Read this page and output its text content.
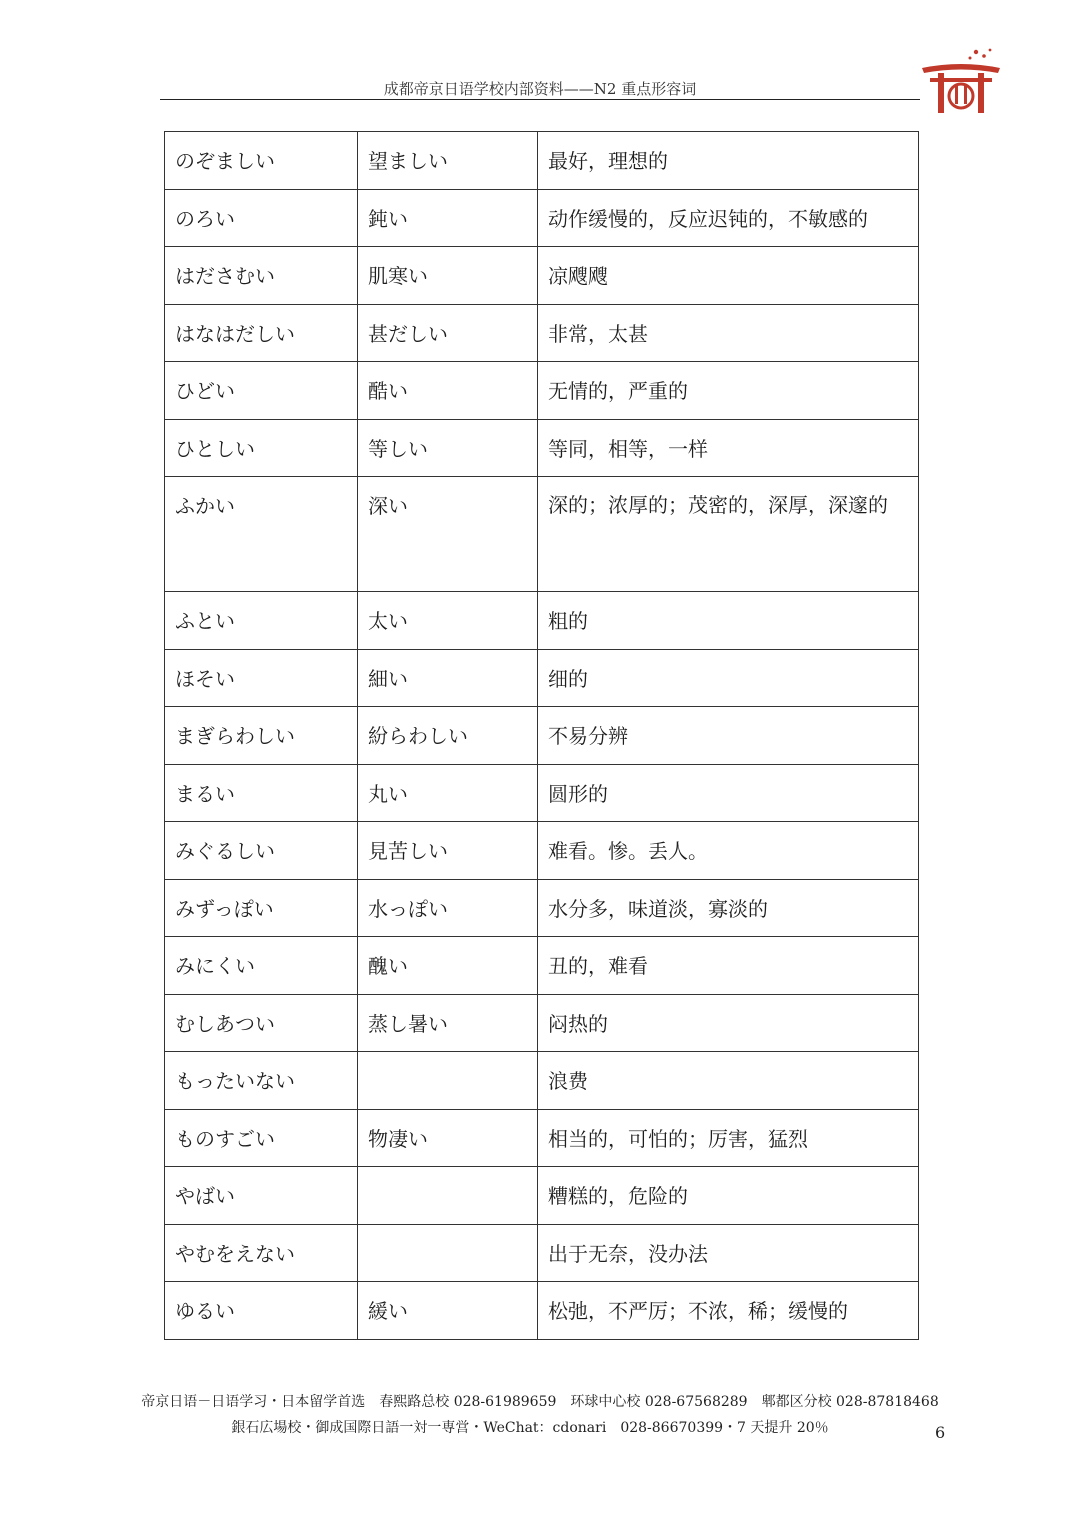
成都帝京日语学校内部资料——N2 重点形容词
のぞましい	望ましい	最好，理想的
のろい	鈍い	动作缓慢的，反应迟钝的，不敏感的
はださむい	肌寒い	凉飕飕
はなはだしい	甚だしい	非常，太甚
ひどい	酷い	无情的，严重的
ひとしい	等しい	等同，相等，一样
ふかい	深い	深的；浓厚的；茂密的，深厚，深邃的
ふとい	太い	粗的
ほそい	細い	细的
まぎらわしい	紛らわしい	不易分辨
まるい	丸い	圆形的
みぐるしい	見苦しい	难看。惨。丢人。
みずっぽい	水っぽい	水分多，味道淡，寡淡的
みにくい	醜い	丑的，难看
むしあつい	蒸し暑い	闷热的
もったいない		浪费
ものすごい	物凄い	相当的，可怕的；厉害，猛烈
やばい		糟糕的，危险的
やむをえない		出于无奈，没办法
ゆるい	緩い	松弛，不严厉；不浓，稀；缓慢的
帝京日语－日语学习・日本留学首选　春熙路总校 028-61989659　环球中心校 028-67568289　郫都区分校 028-87818468
銀石広場校・御成国際日語一対一専営・WeChat：cdonari　028-86670399・7 天提升 20％	6
